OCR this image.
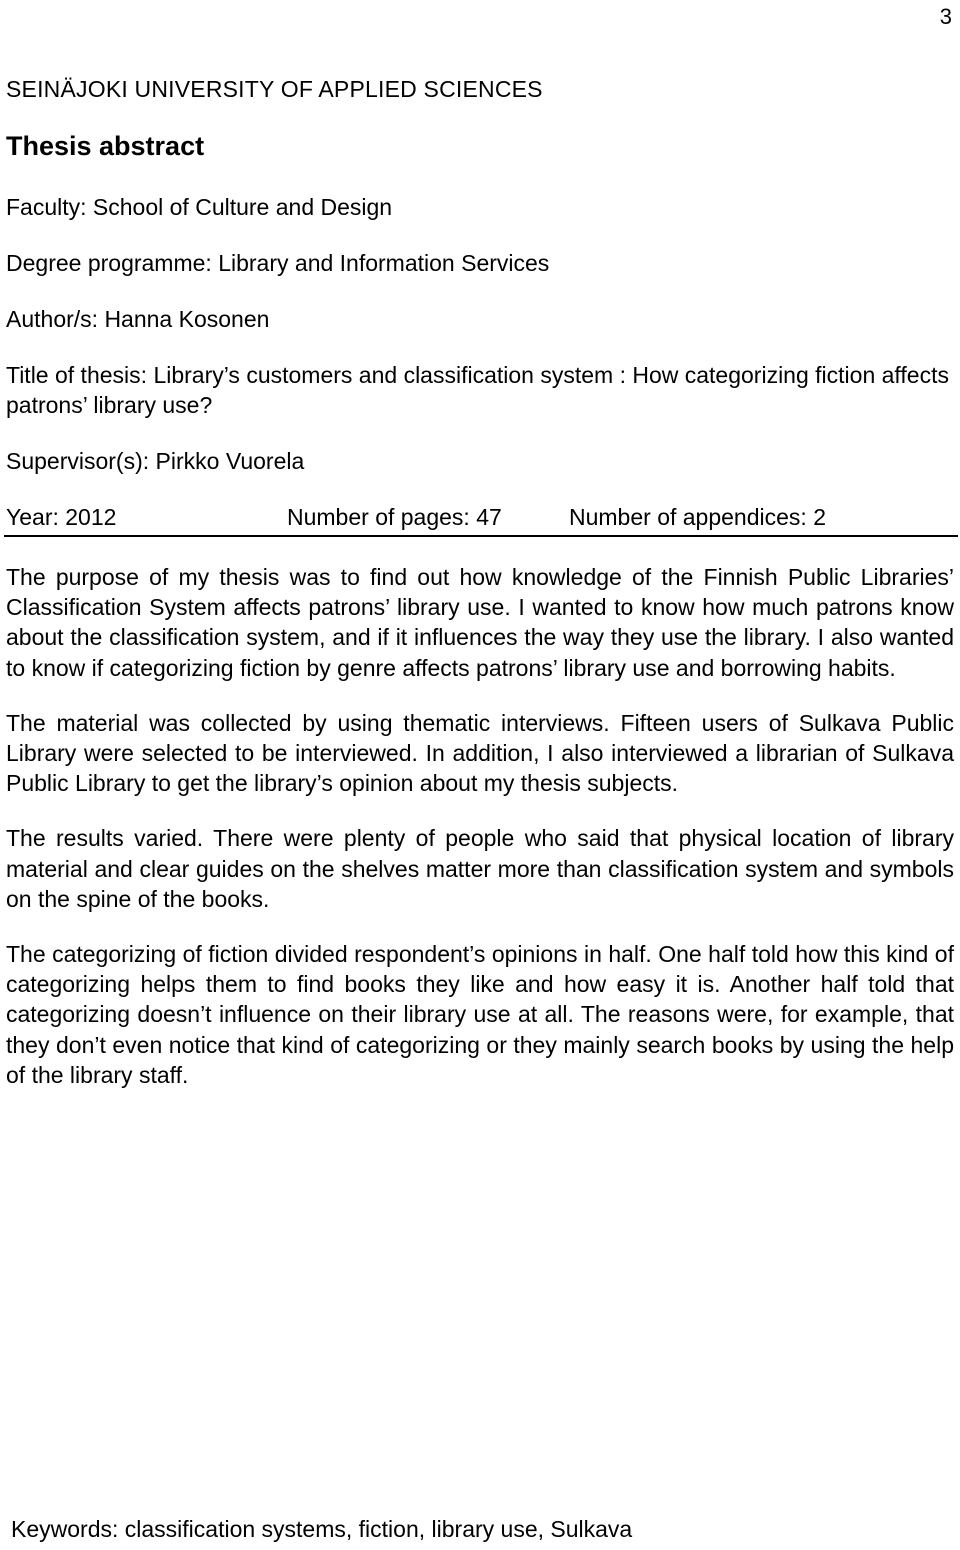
3
SEINÄJOKI UNIVERSITY OF APPLIED SCIENCES
Thesis abstract
Faculty: School of Culture and Design
Degree programme: Library and Information Services
Author/s: Hanna Kosonen
Title of thesis: Library’s customers and classification system : How categorizing fiction affects patrons’ library use?
Supervisor(s): Pirkko Vuorela
Year: 2012	Number of pages: 47	Number of appendices: 2

The purpose of my thesis was to find out how knowledge of the Finnish Public Libraries’ Classification System affects patrons’ library use. I wanted to know how much patrons know about the classification system, and if it influences the way they use the library. I also wanted to know if categorizing fiction by genre affects patrons’ library use and borrowing habits.

The material was collected by using thematic interviews. Fifteen users of Sulkava Public Library were selected to be interviewed. In addition, I also interviewed a librarian of Sulkava Public Library to get the library’s opinion about my thesis subjects.

The results varied. There were plenty of people who said that physical location of library material and clear guides on the shelves matter more than classification system and symbols on the spine of the books.

The categorizing of fiction divided respondent’s opinions in half. One half told how this kind of categorizing helps them to find books they like and how easy it is. Another half told that categorizing doesn’t influence on their library use at all. The reasons were, for example, that they don’t even notice that kind of categorizing or they mainly search books by using the help of the library staff.

Keywords: classification systems, fiction, library use, Sulkava
